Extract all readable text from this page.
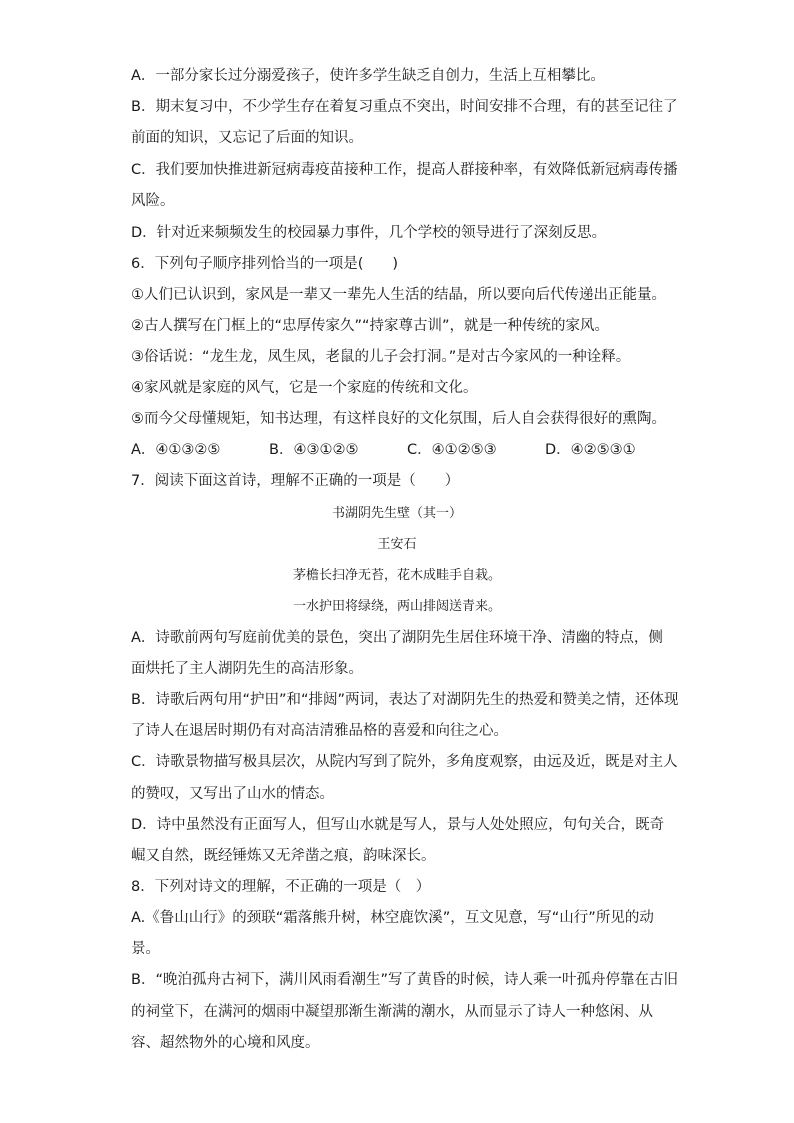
A．一部分家长过分溺爱孩子，使许多学生缺乏自创力，生活上互相攀比。
B．期末复习中，不少学生存在着复习重点不突出，时间安排不合理，有的甚至记往了
前面的知识，又忘记了后面的知识。
C．我们要加快推进新冠病毒疫苗接种工作，提高人群接种率，有效降低新冠病毒传播
风险。
D．针对近来频频发生的校园暴力事件，几个学校的领导进行了深刻反思。
6．下列句子顺序排列恰当的一项是(　　)
①人们已认识到，家风是一辈又一辈先人生活的结晶，所以要向后代传递出正能量。
②古人撰写在门框上的“忠厚传家久”“持家尊古训”，就是一种传统的家风。
③俗话说：“龙生龙，凤生凤，老鼠的儿子会打洞。”是对古今家风的一种诠释。
④家风就是家庭的风气，它是一个家庭的传统和文化。
⑤而今父母懂规矩，知书达理，有这样良好的文化氛围，后人自会获得很好的熏陶。
A．④①③②⑤	B．④③①②⑤	C．④①②⑤③	D．④②⑤③①
7．阅读下面这首诗，理解不正确的一项是（　　）
书湖阴先生壁（其一）
王安石
茅檐长扫净无苔，花木成畦手自栽。
一水护田将绿绕，两山排闼送青来。
A．诗歌前两句写庭前优美的景色，突出了湖阴先生居住环境干净、清幽的特点，侧
面烘托了主人湖阴先生的高洁形象。
B．诗歌后两句用“护田”和“排闼”两词，表达了对湖阴先生的热爱和赞美之情，还体现
了诗人在退居时期仍有对高洁清雅品格的喜爱和向往之心。
C．诗歌景物描写极具层次，从院内写到了院外，多角度观察，由远及近，既是对主人
的赞叹，又写出了山水的情态。
D．诗中虽然没有正面写人，但写山水就是写人，景与人处处照应，句句关合，既奇
崛又自然，既经锤炼又无斧凿之痕，韵味深长。
8．下列对诗文的理解，不正确的一项是（　）
A.《鲁山山行》的颈联“霜落熊升树，林空鹿饮溪”，互文见意，写“山行”所见的动
景。
B．“晚泊孤舟古祠下，满川风雨看潮生”写了黄昏的时候，诗人乘一叶孤舟停靠在古旧
的祠堂下，在满河的烟雨中凝望那渐生渐满的潮水，从而显示了诗人一种悠闲、从
容、超然物外的心境和风度。
